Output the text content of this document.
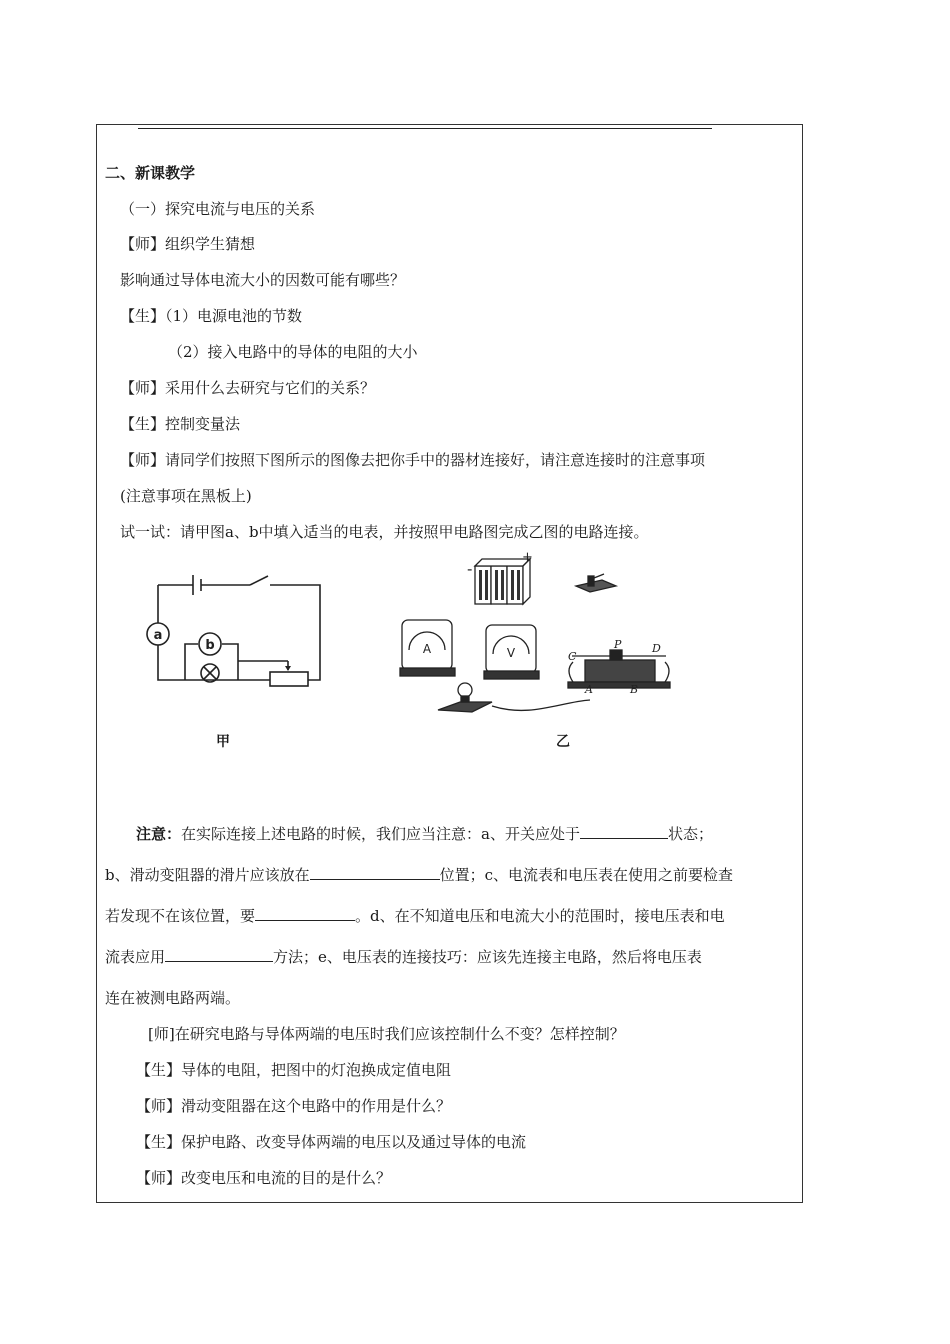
二、新课教学
（一）探究电流与电压的关系
【师】组织学生猜想
影响通过导体电流大小的因数可能有哪些？
【生】（1）电源电池的节数
（2）接入电路中的导体的电阻的大小
【师】采用什么去研究与它们的关系？
【生】控制变量法
【师】请同学们按照下图所示的图像去把你手中的器材连接好，请注意连接时的注意事项
(注意事项在黑板上)
试一试：请甲图a、b中填入适当的电表，并按照甲电路图完成乙图的电路连接。
a
b
甲
-
+
A	V	C
P	D
A	B
乙
注意：在实际连接上述电路的时候，我们应当注意：a、开关应处于	状态；
b、滑动变阻器的滑片应该放在	位置；c、电流表和电压表在使用之前要检查
若发现不在该位置，要	。d、在不知道电压和电流大小的范围时，接电压表和电
流表应用	方法；e、电压表的连接技巧：应该先连接主电路，然后将电压表
连在被测电路两端。
[师]在研究电路与导体两端的电压时我们应该控制什么不变？怎样控制？
【生】导体的电阻，把图中的灯泡换成定值电阻
【师】滑动变阻器在这个电路中的作用是什么？
【生】保护电路、改变导体两端的电压以及通过导体的电流
【师】改变电压和电流的目的是什么？
